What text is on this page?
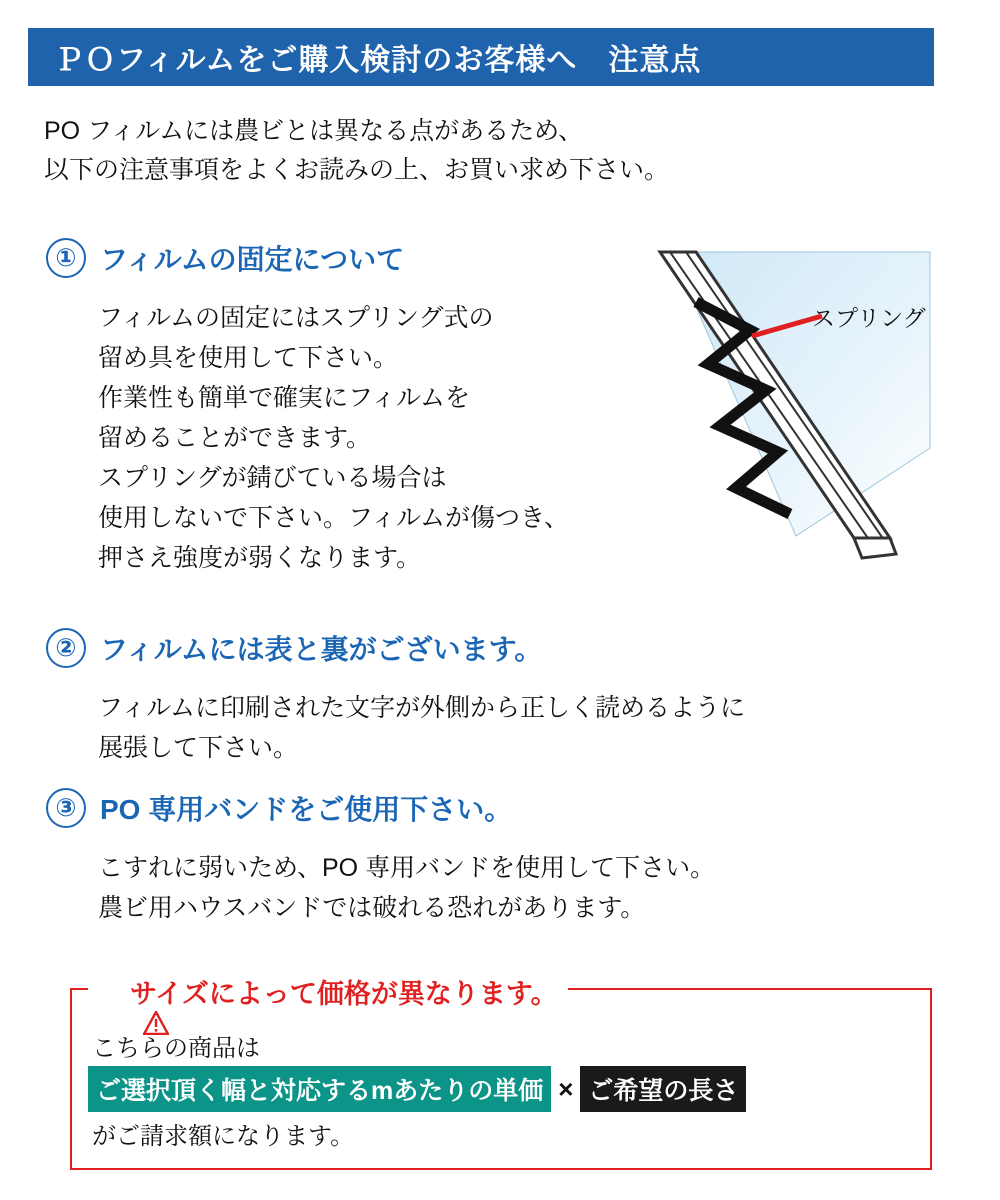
ＰＯフィルムをご購入検討のお客様へ　注意点
PO フィルムには農ビとは異なる点があるため、
以下の注意事項をよくお読みの上、お買い求め下さい。
① フィルムの固定について
フィルムの固定にはスプリング式の
留め具を使用して下さい。
作業性も簡単で確実にフィルムを
留めることができます。
スプリングが錆びている場合は
使用しないで下さい。フィルムが傷つき、
押さえ強度が弱くなります。
スプリング
② フィルムには表と裏がございます。
フィルムに印刷された文字が外側から正しく読めるように
展張して下さい。
③ PO 専用バンドをご使用下さい。
こすれに弱いため、PO 専用バンドを使用して下さい。
農ビ用ハウスバンドでは破れる恐れがあります。

サイズによって価格が異なります。
こちらの商品は
ご選択頂く幅と対応するmあたりの単価 × ご希望の長さ
がご請求額になります。
